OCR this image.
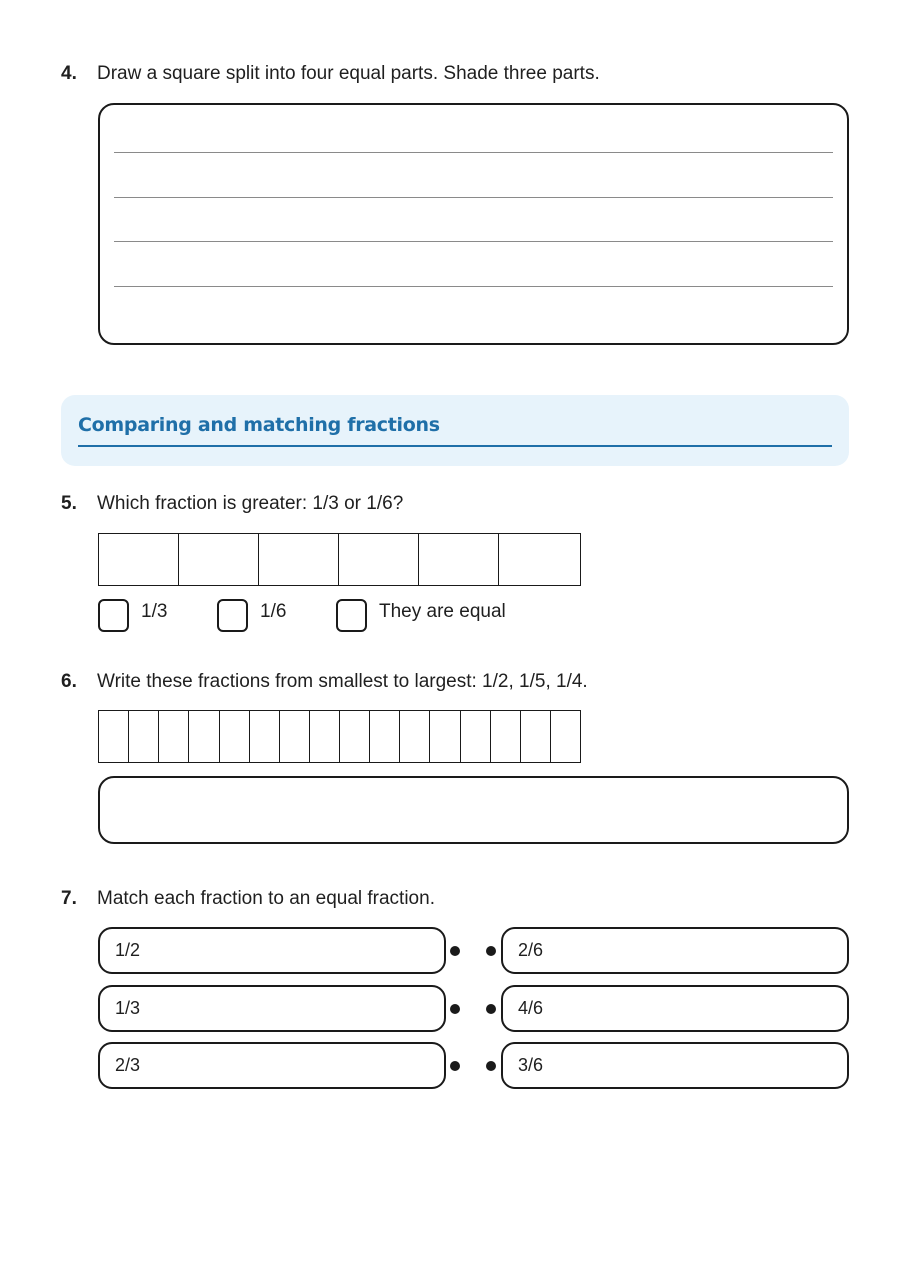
4. Draw a square split into four equal parts. Shade three parts.
Comparing and matching fractions
5. Which fraction is greater: 1/3 or 1/6?
1/3	1/6	They are equal
6. Write these fractions from smallest to largest: 1/2, 1/5, 1/4.
7. Match each fraction to an equal fraction.
1/2	2/6
1/3	4/6
2/3	3/6
